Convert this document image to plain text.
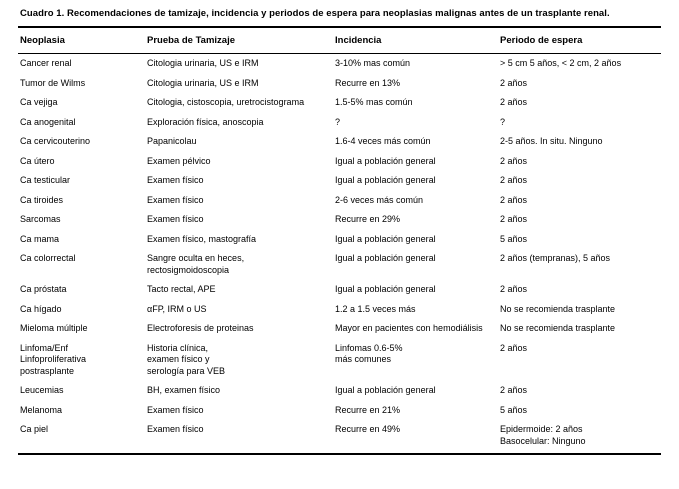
Cuadro 1. Recomendaciones de tamizaje, incidencia y periodos de espera para neoplasias malignas antes de un trasplante renal.
Neoplasia	Prueba de Tamizaje	Incidencia	Periodo de espera
Cancer renal	Citologia urinaria, US e IRM	3-10% mas común	> 5 cm 5 años, < 2 cm, 2 años

Tumor de Wilms	Citologia urinaria, US e IRM	Recurre en 13%	2 años

Ca vejiga	Citologia, cistoscopia, uretrocistograma	1.5-5% mas común	2 años

Ca anogenital	Exploración física, anoscopia	?	?

Ca cervicouterino	Papanicolau	1.6-4 veces más común	2-5 años. In situ. Ninguno

Ca útero	Examen pélvico	Igual a población general	2 años

Ca testicular	Examen físico	Igual a población general	2 años

Ca tiroides	Examen físico	2-6 veces más común	2 años

Sarcomas	Examen físico	Recurre en 29%	2 años

Ca mama	Examen físico, mastografía	Igual a población general	5 años

Ca colorrectal	Sangre oculta en heces,
rectosigmoidoscopia	Igual a población general	2 años (tempranas), 5 años

Ca próstata	Tacto rectal, APE	Igual a población general	2 años

Ca hígado	αFP, IRM o US	1.2 a 1.5 veces más	No se recomienda trasplante

Mieloma múltiple	Electroforesis de proteinas	Mayor en pacientes con hemodiálisis	No se recomienda trasplante

Linfoma/Enf
Linfoproliferativa
postrasplante	Historia clínica,
examen físico y
serología para VEB	Linfomas 0.6-5%
más comunes	2 años

Leucemias	BH, examen físico	Igual a población general	2 años

Melanoma	Examen físico	Recurre en 21%	5 años

Ca piel	Examen físico	Recurre en 49%	Epidermoide: 2 años
Basocelular: Ninguno
